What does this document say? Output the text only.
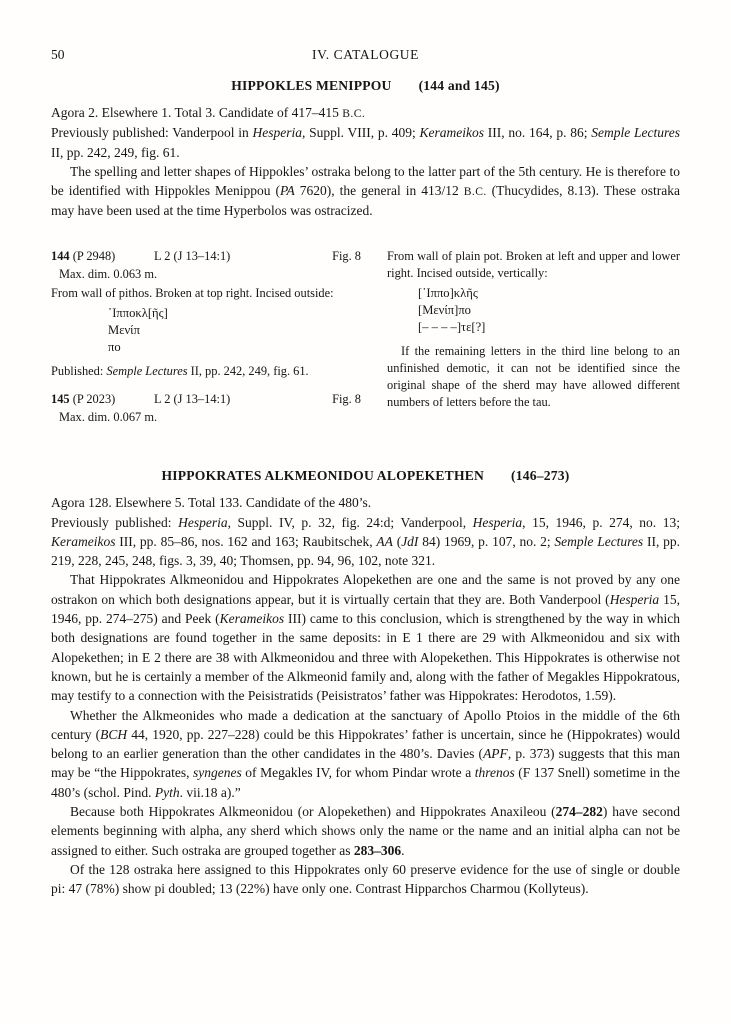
50	IV. CATALOGUE
HIPPOKLES MENIPPOU (144 and 145)

Agora 2. Elsewhere 1. Total 3. Candidate of 417–415 B.C.

Previously published: Vanderpool in Hesperia, Suppl. VIII, p. 409; Kerameikos III, no. 164, p. 86; Semple Lectures II, pp. 242, 249, fig. 61.

The spelling and letter shapes of Hippokles’ ostraka belong to the latter part of the 5th century. He is therefore to be identified with Hippokles Menippou (PA 7620), the general in 413/12 B.C. (Thucydides, 8.13). These ostraka may have been used at the time Hyperbolos was ostracized.

144 (P 2948)	L 2 (J 13–14:1)	Fig. 8

Max. dim. 0.063 m.

From wall of pithos. Broken at top right. Incised outside:

῾Ιπποκλ[ῆς]
Μενίπ
πο

Published: Semple Lectures II, pp. 242, 249, fig. 61.

145 (P 2023)	L 2 (J 13–14:1)	Fig. 8

Max. dim. 0.067 m.

From wall of plain pot. Broken at left and upper and lower right. Incised outside, vertically:

[῾Ιππο]κλῆς
[Μενίπ]πο
[– – – –]τε[?]

If the remaining letters in the third line belong to an unfinished demotic, it can not be identified since the original shape of the sherd may have allowed different numbers of letters before the tau.

HIPPOKRATES ALKMEONIDOU ALOPEKETHEN (146–273)

Agora 128. Elsewhere 5. Total 133. Candidate of the 480’s.

Previously published: Hesperia, Suppl. IV, p. 32, fig. 24:d; Vanderpool, Hesperia, 15, 1946, p. 274, no. 13; Kerameikos III, pp. 85–86, nos. 162 and 163; Raubitschek, AA (JdI 84) 1969, p. 107, no. 2; Semple Lectures II, pp. 219, 228, 245, 248, figs. 3, 39, 40; Thomsen, pp. 94, 96, 102, note 321.

That Hippokrates Alkmeonidou and Hippokrates Alopekethen are one and the same is not proved by any one ostrakon on which both designations appear, but it is virtually certain that they are. Both Vanderpool (Hesperia 15, 1946, pp. 274–275) and Peek (Kerameikos III) came to this conclusion, which is strengthened by the way in which both designations are found together in the same deposits: in E 1 there are 29 with Alkmeonidou and six with Alopekethen; in E 2 there are 38 with Alkmeonidou and three with Alopekethen. This Hippokrates is otherwise not known, but he is certainly a member of the Alkmeonid family and, along with the father of Megakles Hippokratous, may testify to a connection with the Peisistratids (Peisistratos’ father was Hippokrates: Herodotos, 1.59).

Whether the Alkmeonides who made a dedication at the sanctuary of Apollo Ptoios in the middle of the 6th century (BCH 44, 1920, pp. 227–228) could be this Hippokrates’ father is uncertain, since he (Hippokrates) would belong to an earlier generation than the other candidates in the 480’s. Davies (APF, p. 373) suggests that this man may be “the Hippokrates, syngenes of Megakles IV, for whom Pindar wrote a threnos (F 137 Snell) sometime in the 480’s (schol. Pind. Pyth. vii.18 a).”

Because both Hippokrates Alkmeonidou (or Alopekethen) and Hippokrates Anaxileou (274–282) have second elements beginning with alpha, any sherd which shows only the name or the name and an initial alpha can not be assigned to either. Such ostraka are grouped together as 283–306.

Of the 128 ostraka here assigned to this Hippokrates only 60 preserve evidence for the use of single or double pi: 47 (78%) show pi doubled; 13 (22%) have only one. Contrast Hipparchos Charmou (Kollyteus).
